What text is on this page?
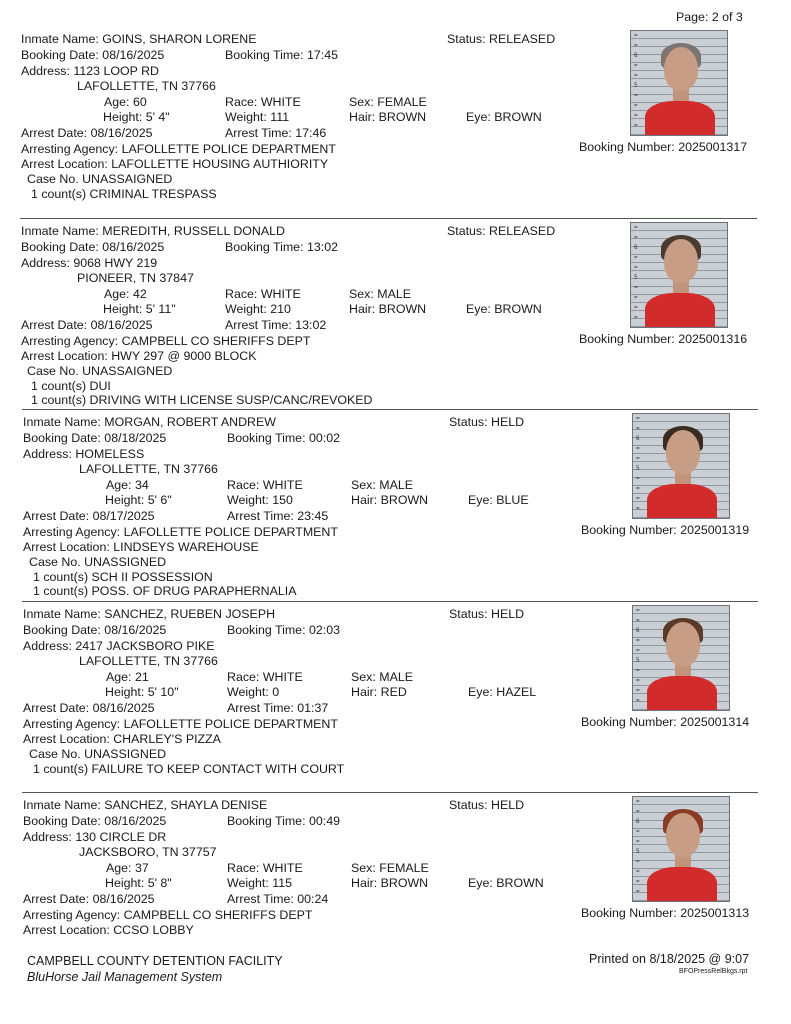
Page: 2 of 3
Inmate Name: GOINS, SHARON LORENE	Status: RELEASED
Booking Date: 08/16/2025	Booking Time: 17:45
Address: 1123 LOOP RD
LAFOLLETTE, TN 37766
Age: 60	Race: WHITE	Sex: FEMALE
Height: 5' 4"	Weight: 111	Hair: BROWN	Eye: BROWN
Arrest Date: 08/16/2025	Arrest Time: 17:46
Arresting Agency: LAFOLLETTE POLICE DEPARTMENT
Arrest Location: LAFOLLETTE HOUSING AUTHIORITY
Case No. UNASSAIGNED
1 count(s) CRIMINAL TRESPASS
Booking Number: 2025001317
=
=
6
=
=
5
=
=
=
=
Inmate Name: MEREDITH, RUSSELL DONALD	Status: RELEASED
Booking Date: 08/16/2025	Booking Time: 13:02
Address: 9068 HWY 219
PIONEER, TN 37847
Age: 42	Race: WHITE	Sex: MALE
Height: 5' 11"	Weight: 210	Hair: BROWN	Eye: BROWN
Arrest Date: 08/16/2025	Arrest Time: 13:02
Arresting Agency: CAMPBELL CO SHERIFFS DEPT
Arrest Location: HWY 297 @ 9000 BLOCK
Case No. UNASSAIGNED
1 count(s) DUI
1 count(s) DRIVING WITH LICENSE SUSP/CANC/REVOKED
Booking Number: 2025001316
=
=
6
=
=
5
=
=
=
=
Inmate Name: MORGAN, ROBERT ANDREW	Status: HELD
Booking Date: 08/18/2025	Booking Time: 00:02
Address: HOMELESS
LAFOLLETTE, TN 37766
Age: 34	Race: WHITE	Sex: MALE
Height: 5' 6"	Weight: 150	Hair: BROWN	Eye: BLUE
Arrest Date: 08/17/2025	Arrest Time: 23:45
Arresting Agency: LAFOLLETTE POLICE DEPARTMENT
Arrest Location: LINDSEYS WAREHOUSE
Case No. UNASSIGNED
1 count(s) SCH II POSSESSION
1 count(s) POSS. OF DRUG PARAPHERNALIA
Booking Number: 2025001319
=
=
6
=
=
5
=
=
=
=
Inmate Name: SANCHEZ, RUEBEN JOSEPH	Status: HELD
Booking Date: 08/16/2025	Booking Time: 02:03
Address: 2417 JACKSBORO PIKE
LAFOLLETTE, TN 37766
Age: 21	Race: WHITE	Sex: MALE
Height: 5' 10"	Weight: 0	Hair: RED	Eye: HAZEL
Arrest Date: 08/16/2025	Arrest Time: 01:37
Arresting Agency: LAFOLLETTE POLICE DEPARTMENT
Arrest Location: CHARLEY'S PIZZA
Case No. UNASSIGNED
1 count(s) FAILURE TO KEEP CONTACT WITH COURT
Booking Number: 2025001314
=
=
6
=
=
5
=
=
=
=
Inmate Name: SANCHEZ, SHAYLA DENISE	Status: HELD
Booking Date: 08/16/2025	Booking Time: 00:49
Address: 130 CIRCLE DR
JACKSBORO, TN 37757
Age: 37	Race: WHITE	Sex: FEMALE
Height: 5' 8"	Weight: 115	Hair: BROWN	Eye: BROWN
Arrest Date: 08/16/2025	Arrest Time: 00:24
Arresting Agency: CAMPBELL CO SHERIFFS DEPT
Arrest Location: CCSO LOBBY
Booking Number: 2025001313
=
=
6
=
=
5
=
=
=
=
CAMPBELL COUNTY DETENTION FACILITY
BluHorse Jail Management System
Printed on 8/18/2025 @ 9:07
BFOPressRelBkgs.rpt
